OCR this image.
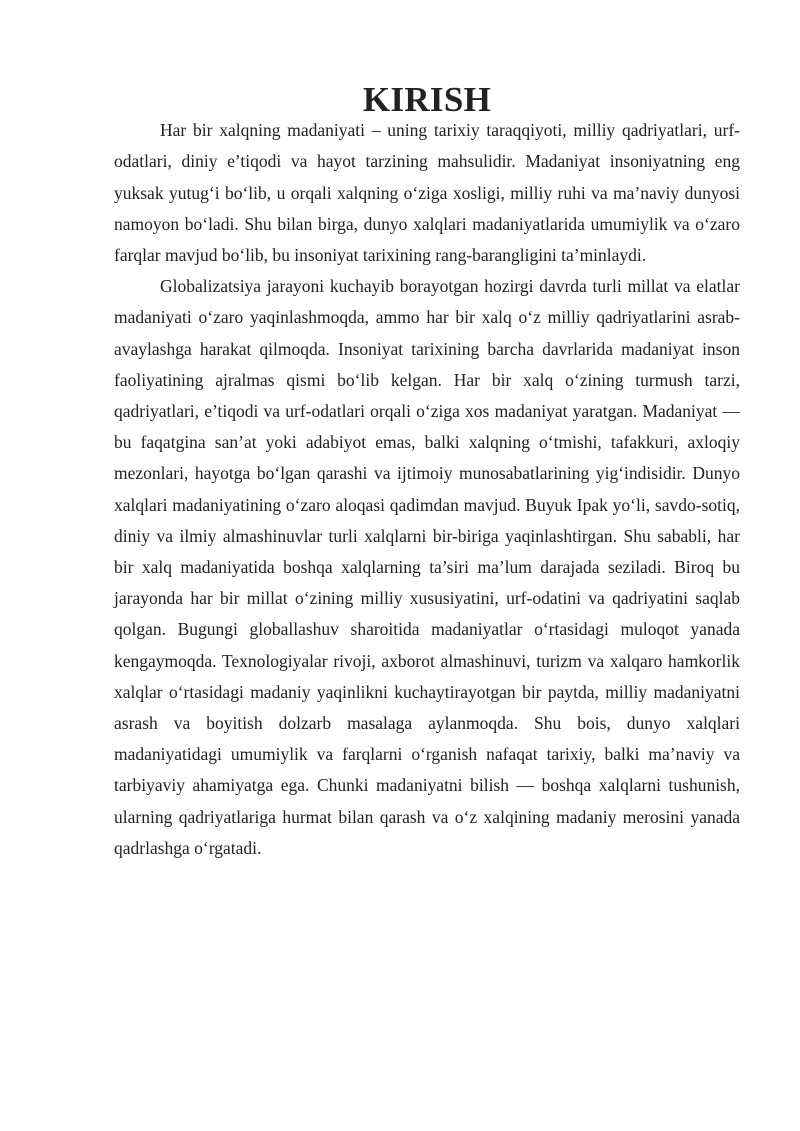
KIRISH

Har bir xalqning madaniyati – uning tarixiy taraqqiyoti, milliy qadriyatlari, urf-odatlari, diniy e’tiqodi va hayot tarzining mahsulidir. Madaniyat insoniyatning eng yuksak yutug‘i bo‘lib, u orqali xalqning o‘ziga xosligi, milliy ruhi va ma’naviy dunyosi namoyon bo‘ladi. Shu bilan birga, dunyo xalqlari madaniyatlarida umumiylik va o‘zaro farqlar mavjud bo‘lib, bu insoniyat tarixining rang-barangligini ta’minlaydi.

Globalizatsiya jarayoni kuchayib borayotgan hozirgi davrda turli millat va elatlar madaniyati o‘zaro yaqinlashmoqda, ammo har bir xalq o‘z milliy qadriyatlarini asrab-avaylashga harakat qilmoqda. Insoniyat tarixining barcha davrlarida madaniyat inson faoliyatining ajralmas qismi bo‘lib kelgan. Har bir xalq o‘zining turmush tarzi, qadriyatlari, e’tiqodi va urf-odatlari orqali o‘ziga xos madaniyat yaratgan. Madaniyat — bu faqatgina san’at yoki adabiyot emas, balki xalqning o‘tmishi, tafakkuri, axloqiy mezonlari, hayotga bo‘lgan qarashi va ijtimoiy munosabatlarining yig‘indisidir. Dunyo xalqlari madaniyatining o‘zaro aloqasi qadimdan mavjud. Buyuk Ipak yo‘li, savdo-sotiq, diniy va ilmiy almashinuvlar turli xalqlarni bir-biriga yaqinlashtirgan. Shu sababli, har bir xalq madaniyatida boshqa xalqlarning ta’siri ma’lum darajada seziladi. Biroq bu jarayonda har bir millat o‘zining milliy xususiyatini, urf-odatini va qadriyatini saqlab qolgan. Bugungi globallashuv sharoitida madaniyatlar o‘rtasidagi muloqot yanada kengaymoqda. Texnologiyalar rivoji, axborot almashinuvi, turizm va xalqaro hamkorlik xalqlar o‘rtasidagi madaniy yaqinlikni kuchaytirayotgan bir paytda, milliy madaniyatni asrash va boyitish dolzarb masalaga aylanmoqda. Shu bois, dunyo xalqlari madaniyatidagi umumiylik va farqlarni o‘rganish nafaqat tarixiy, balki ma’naviy va tarbiyaviy ahamiyatga ega. Chunki madaniyatni bilish — boshqa xalqlarni tushunish, ularning qadriyatlariga hurmat bilan qarash va o‘z xalqining madaniy merosini yanada qadrlashga o‘rgatadi.
